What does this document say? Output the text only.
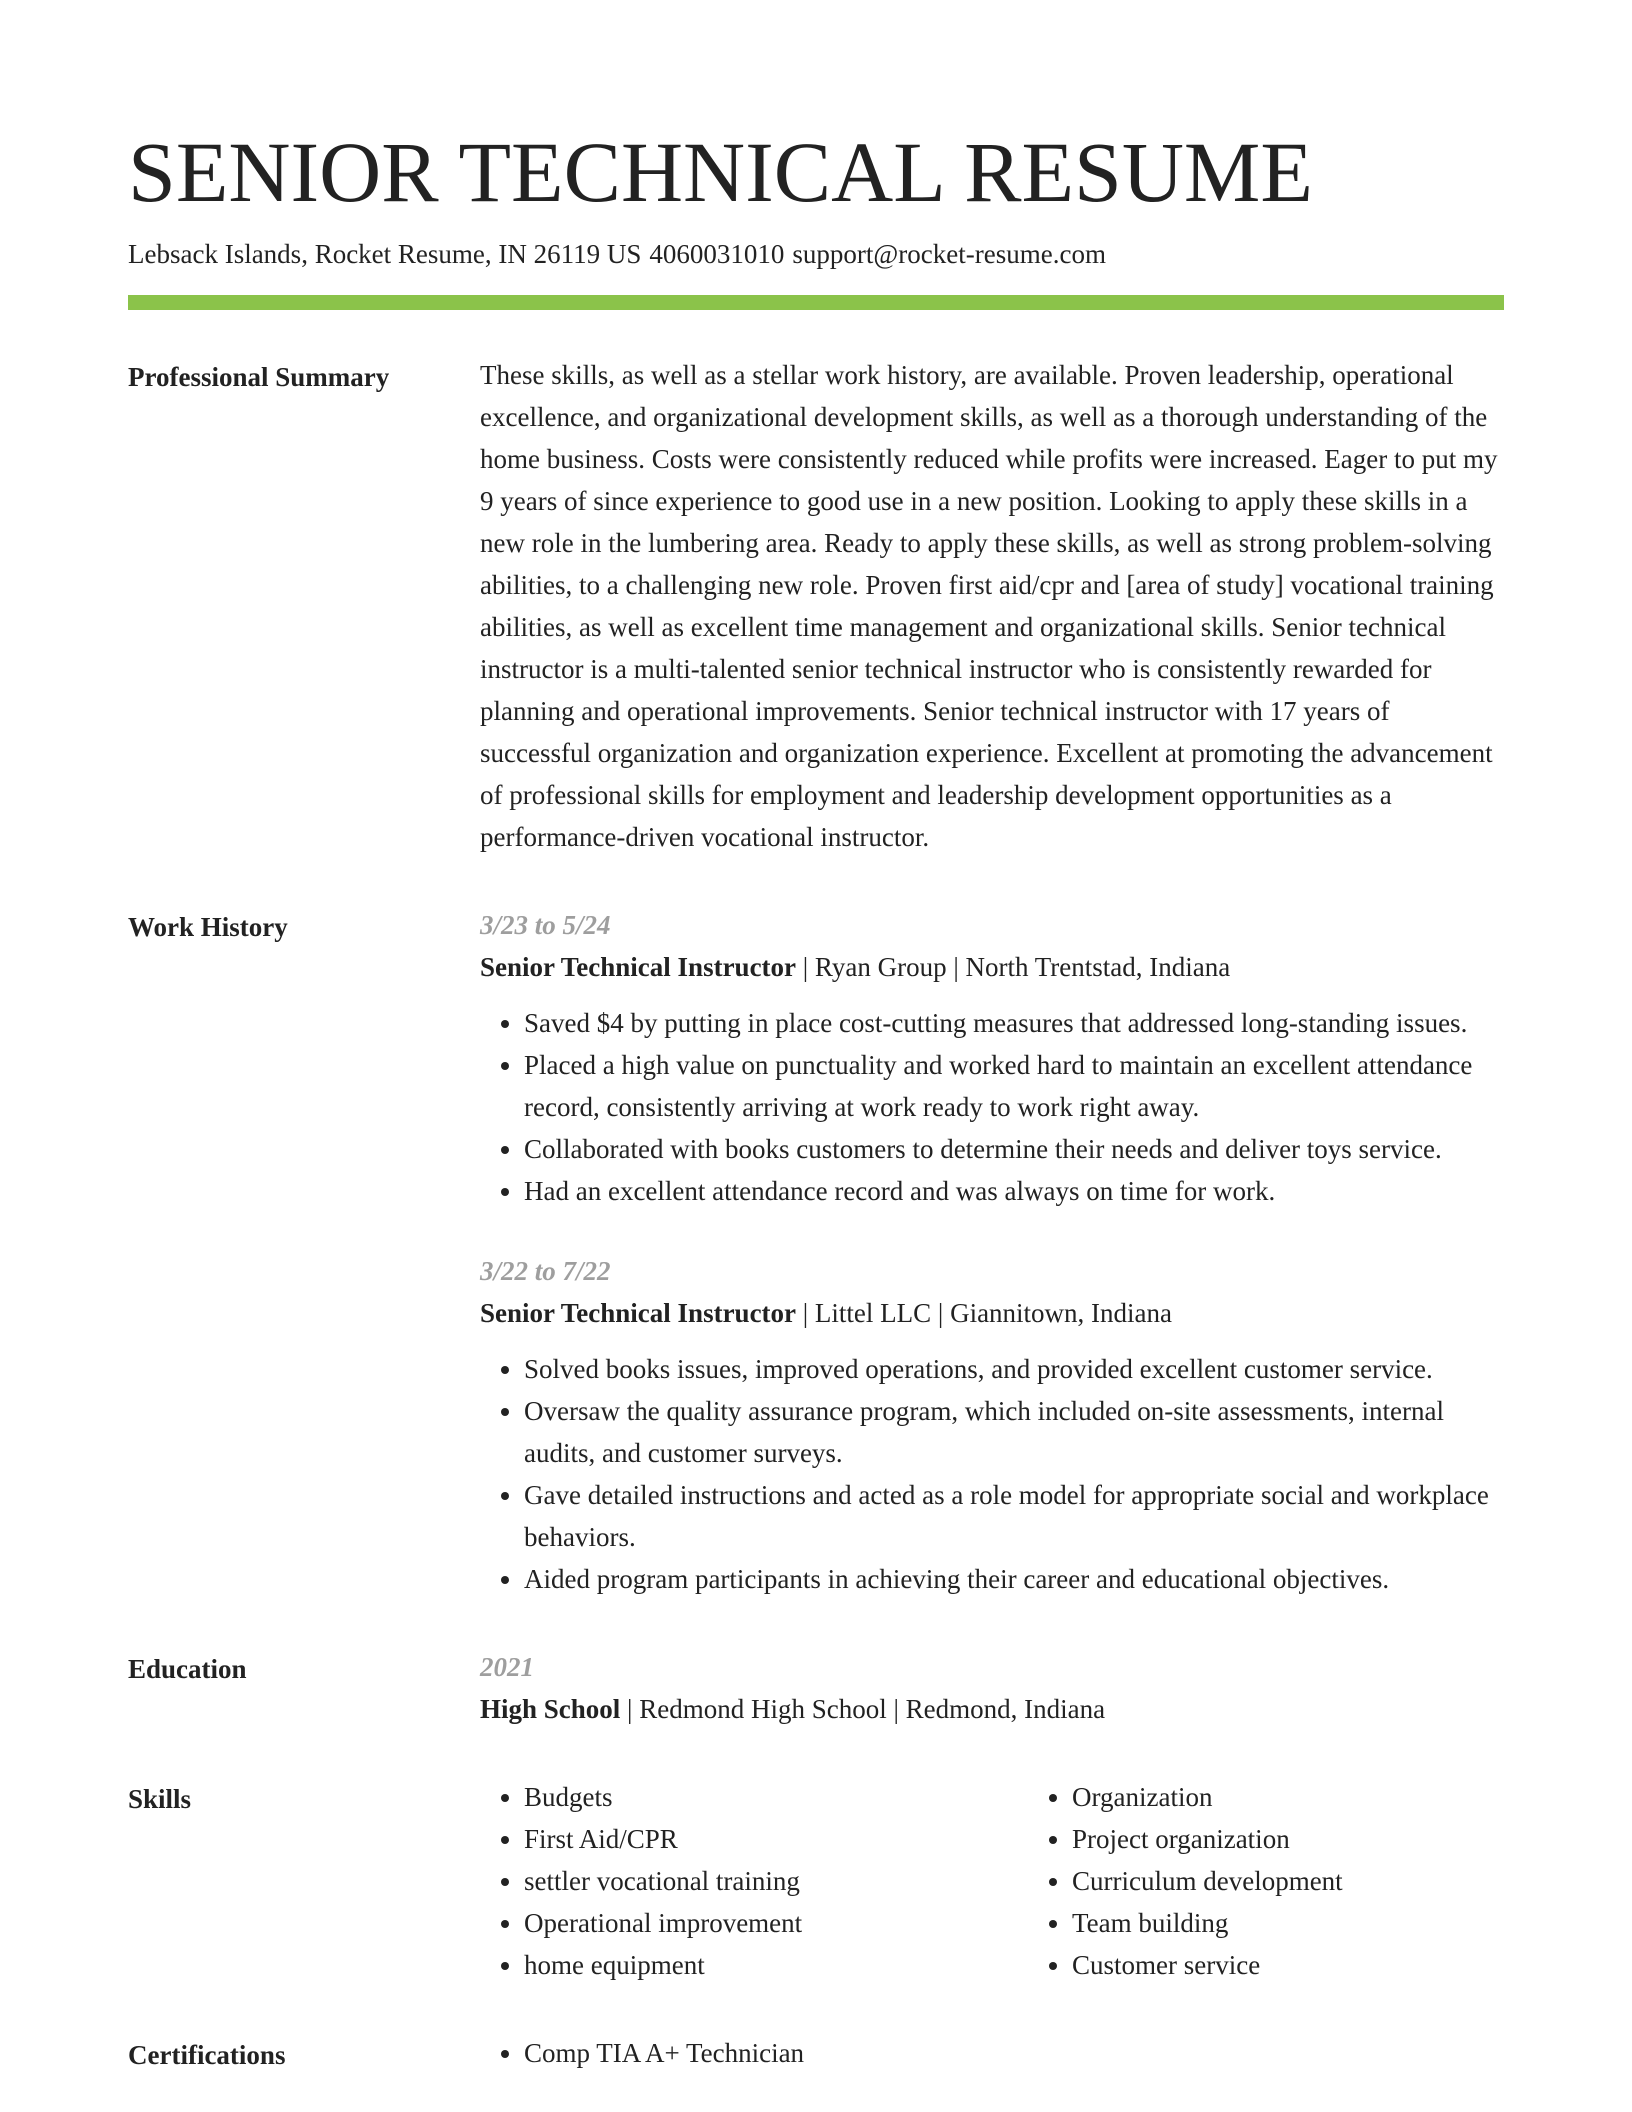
SENIOR TECHNICAL RESUME
Lebsack Islands, Rocket Resume, IN 26119 US 4060031010 support@rocket-resume.com
Professional Summary	These skills, as well as a stellar work history, are available. Proven leadership, operational excellence, and organizational development skills, as well as a thorough understanding of the home business. Costs were consistently reduced while profits were increased. Eager to put my 9 years of since experience to good use in a new position. Looking to apply these skills in a new role in the lumbering area. Ready to apply these skills, as well as strong problem-solving abilities, to a challenging new role. Proven first aid/cpr and [area of study] vocational training abilities, as well as excellent time management and organizational skills. Senior technical instructor is a multi-talented senior technical instructor who is consistently rewarded for planning and operational improvements. Senior technical instructor with 17 years of successful organization and organization experience. Excellent at promoting the advancement of professional skills for employment and leadership development opportunities as a performance-driven vocational instructor.

Work History	3/23 to 5/24
Senior Technical Instructor | Ryan Group | North Trentstad, Indiana
• Saved $4 by putting in place cost-cutting measures that addressed long-standing issues.
• Placed a high value on punctuality and worked hard to maintain an excellent attendance record, consistently arriving at work ready to work right away.
• Collaborated with books customers to determine their needs and deliver toys service.
• Had an excellent attendance record and was always on time for work.
3/22 to 7/22
Senior Technical Instructor | Littel LLC | Giannitown, Indiana
• Solved books issues, improved operations, and provided excellent customer service.
• Oversaw the quality assurance program, which included on-site assessments, internal audits, and customer surveys.
• Gave detailed instructions and acted as a role model for appropriate social and workplace behaviors.
• Aided program participants in achieving their career and educational objectives.
Education	2021
High School | Redmond High School | Redmond, Indiana
Skills	• Budgets
• First Aid/CPR
• settler vocational training
• Operational improvement
• home equipment
• Organization
• Project organization
• Curriculum development
• Team building
• Customer service
Certifications	• Comp TIA A+ Technician
